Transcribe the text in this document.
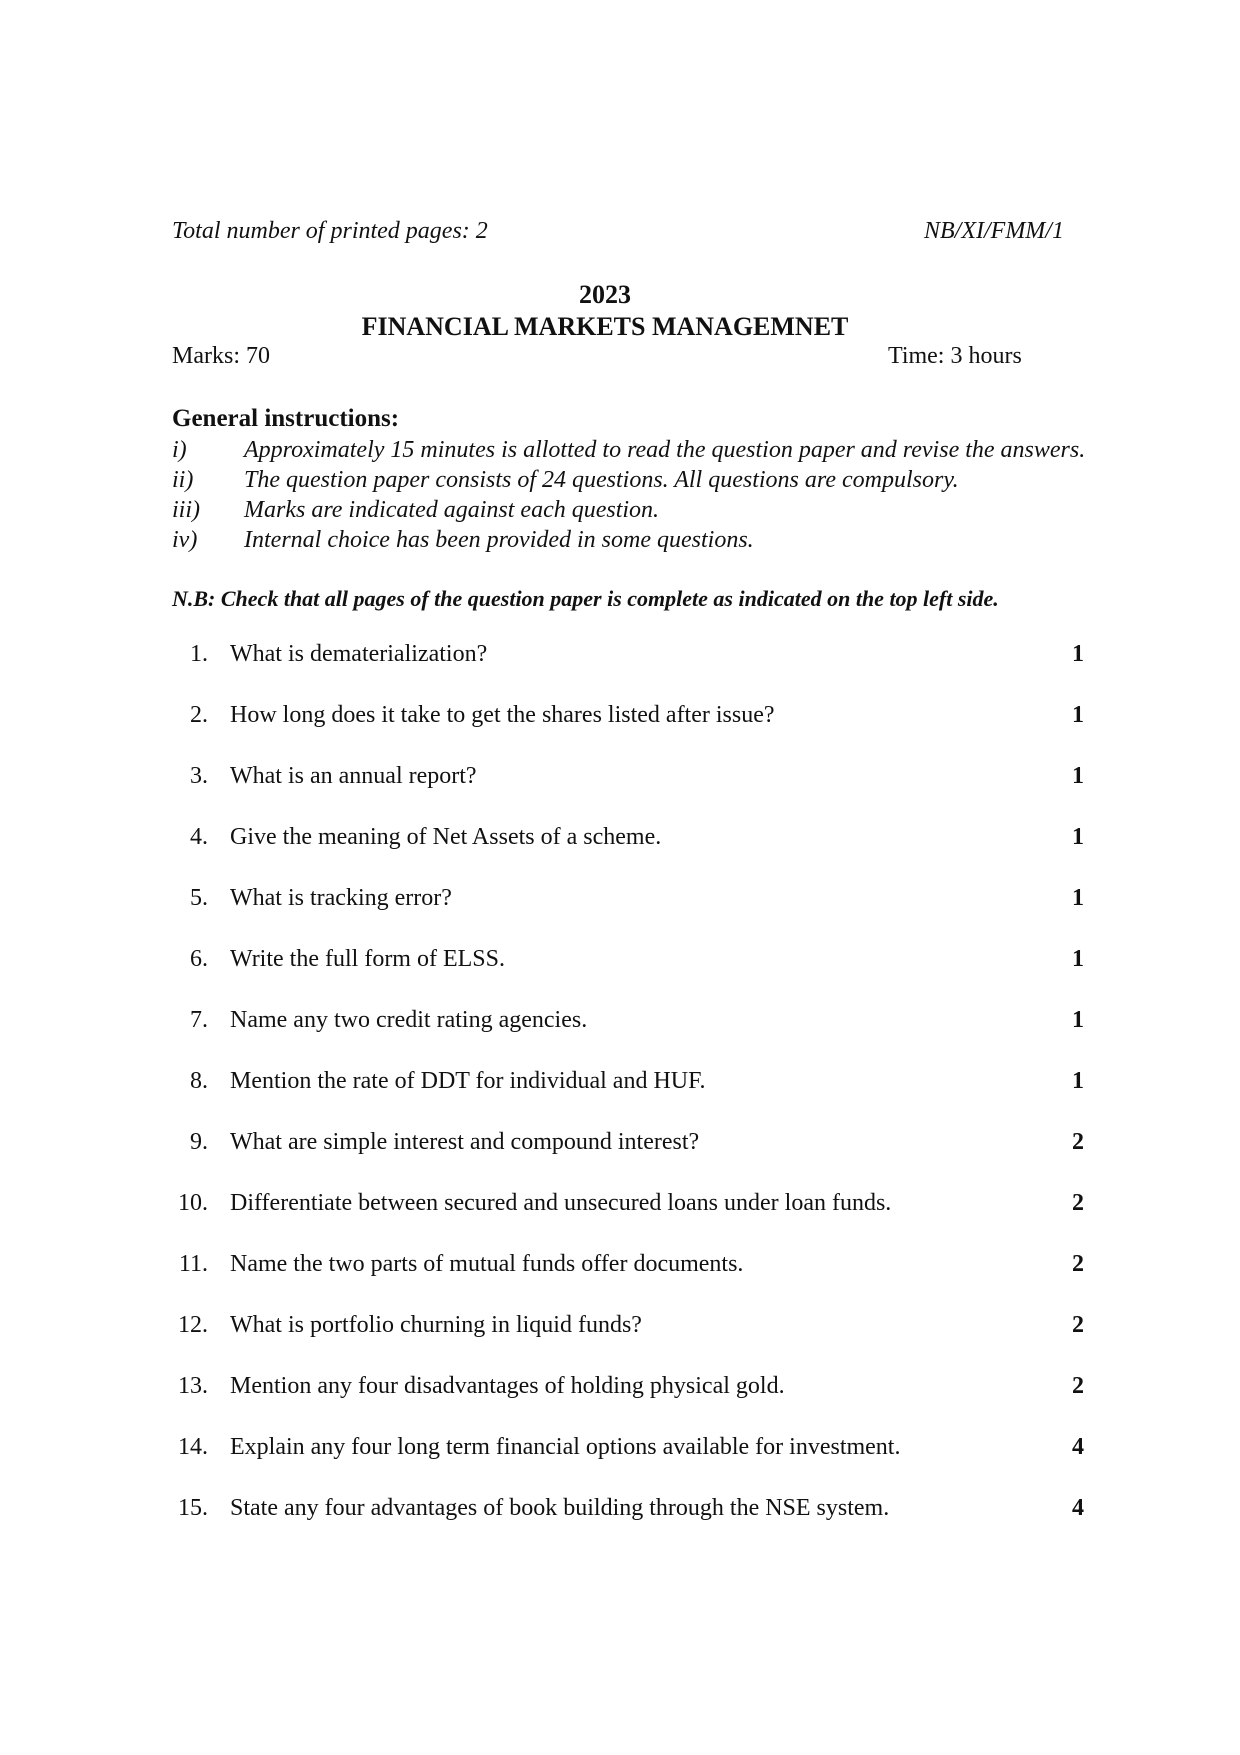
Total number of printed pages: 2	NB/XI/FMM/1
2023
FINANCIAL MARKETS MANAGEMNET
Marks: 70	Time: 3 hours
General instructions:
i)	Approximately 15 minutes is allotted to read the question paper and revise the answers.
ii)	The question paper consists of 24 questions. All questions are compulsory.
iii)	Marks are indicated against each question.
iv)	Internal choice has been provided in some questions.
N.B: Check that all pages of the question paper is complete as indicated on the top left side.
1. What is dematerialization?	1
2. How long does it take to get the shares listed after issue?	1
3. What is an annual report?	1
4. Give the meaning of Net Assets of a scheme.	1
5. What is tracking error?	1
6. Write the full form of ELSS.	1
7. Name any two credit rating agencies.	1
8. Mention the rate of DDT for individual and HUF.	1
9. What are simple interest and compound interest?	2
10. Differentiate between secured and unsecured loans under loan funds.	2
11. Name the two parts of mutual funds offer documents.	2
12. What is portfolio churning in liquid funds?	2
13. Mention any four disadvantages of holding physical gold.	2
14. Explain any four long term financial options available for investment.	4
15. State any four advantages of book building through the NSE system.	4
